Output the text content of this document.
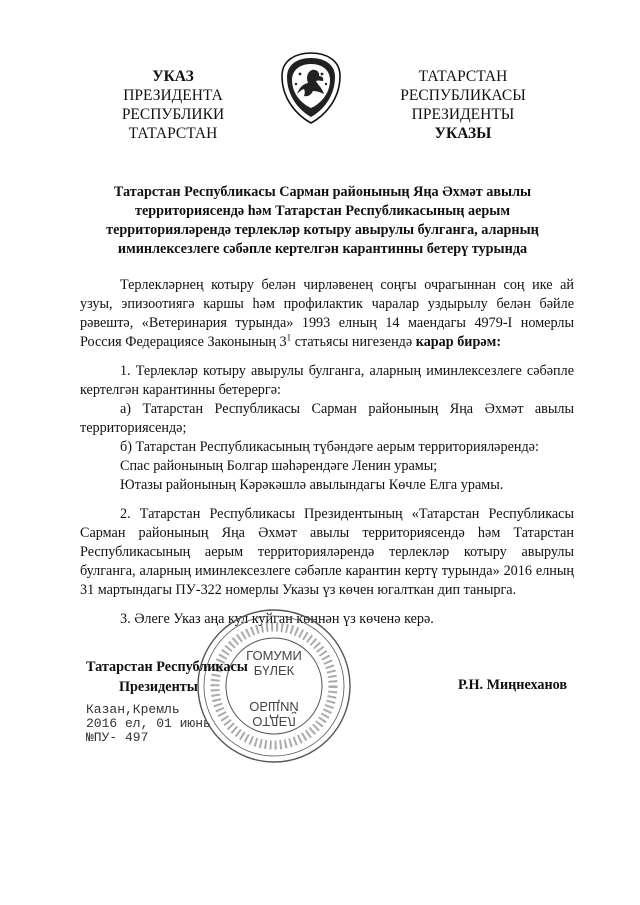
УКАЗ
ПРЕЗИДЕНТА
РЕСПУБЛИКИ ТАТАРСТАН
ТАТАРСТАН РЕСПУБЛИКАСЫ
ПРЕЗИДЕНТЫ
УКАЗЫ
Татарстан Республикасы Сарман районының Яңа Әхмәт авылы
территориясендә һәм Татарстан Республикасының аерым
территорияләрендә терлекләр котыру авырулы булганга, аларның
иминлексезлеге сәбәпле кертелгән карантинны бетерү турында

Терлекләрнең котыру белән чирләвенең соңгы очрагыннан соң ике ай узуы, эпизоотиягә каршы һәм профилактик чаралар уздырылу белән бәйле рәвештә, «Ветеринария турында» 1993 елның 14 маендагы 4979-I номерлы Россия Федерациясе Законының $3^1$ статьясы нигезендә карар бирәм:

1. Терлекләр котыру авырулы булганга, аларның иминлексезлеге сәбәпле кертелгән карантинны бетерергә:

а) Татарстан Республикасы Сарман районының Яңа Әхмәт авылы территориясендә;

б) Татарстан Республикасының түбәндәге аерым территорияләрендә:

Спас районының Болгар шәһәрендәге Ленин урамы;

Ютазы районының Кәрәкәшлә авылындагы Көчле Елга урамы.

2. Татарстан Республикасы Президентының «Татарстан Республикасы Сарман районының Яңа Әхмәт авылы территориясендә һәм Татарстан Республикасының аерым территорияләрендә терлекләр котыру авырулы булганга, аларның иминлексезлеге сәбәпле карантин кертү турында» 2016 елның 31 мартындагы ПУ-322 номерлы Указы үз көчен югалткан дип танырга.

3. Әлеге Указ аңа кул куйган көннән үз көченә керә.

ГОМУМИ
БҮЛЕК
ОБЩИЙ
ОТДЕЛ
Татарстан Республикасы
Президенты	Р.Н. Миңнеханов
Казан,Кремль
2016 ел, 01 июнь
№ПУ- 497
